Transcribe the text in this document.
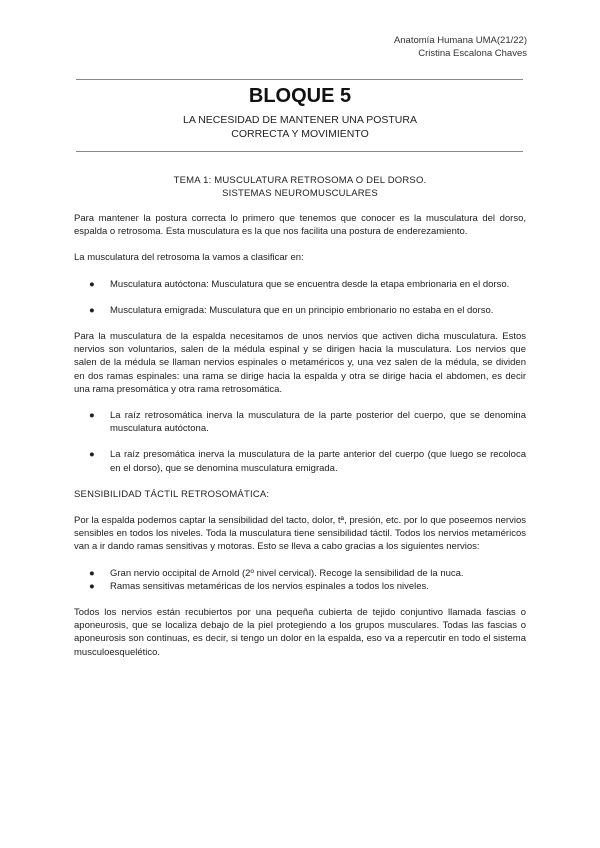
Anatomía Humana UMA(21/22)
Cristina Escalona Chaves
BLOQUE 5
LA NECESIDAD DE MANTENER UNA POSTURA
CORRECTA Y MOVIMIENTO
TEMA 1: MUSCULATURA RETROSOMA O DEL DORSO.
SISTEMAS NEUROMUSCULARES

Para mantener la postura correcta lo primero que tenemos que conocer es la musculatura del dorso, espalda o retrosoma. Esta musculatura es la que nos facilita una postura de enderezamiento.

La musculatura del retrosoma la vamos a clasificar en:

● Musculatura autóctona: Musculatura que se encuentra desde la etapa embrionaria en el dorso.
● Musculatura emigrada: Musculatura que en un principio embrionario no estaba en el dorso.

Para la musculatura de la espalda necesitamos de unos nervios que activen dicha musculatura. Estos nervios son voluntarios, salen de la médula espinal y se dirigen hacia la musculatura. Los nervios que salen de la médula se llaman nervios espinales o metaméricos y, una vez salen de la médula, se dividen en dos ramas espinales: una rama se dirige hacia la espalda y otra se dirige hacia el abdomen, es decir una rama presomática y otra rama retrosomática.

● La raíz retrosomática inerva la musculatura de la parte posterior del cuerpo, que se denomina musculatura autóctona.
● La raíz presomática inerva la musculatura de la parte anterior del cuerpo (que luego se recoloca en el dorso), que se denomina musculatura emigrada.
SENSIBILIDAD TÁCTIL RETROSOMÁTICA:

Por la espalda podemos captar la sensibilidad del tacto, dolor, tª, presión, etc. por lo que poseemos nervios sensibles en todos los niveles. Toda la musculatura tiene sensibilidad táctil. Todos los nervios metaméricos van a ir dando ramas sensitivas y motoras. Esto se lleva a cabo gracias a los siguientes nervios:

● Gran nervio occipital de Arnold (2º nivel cervical). Recoge la sensibilidad de la nuca.
● Ramas sensitivas metaméricas de los nervios espinales a todos los niveles.

Todos los nervios están recubiertos por una pequeña cubierta de tejido conjuntivo llamada fascias o aponeurosis, que se localiza debajo de la piel protegiendo a los grupos musculares. Todas las fascias o aponeurosis son continuas, es decir, si tengo un dolor en la espalda, eso va a repercutir en todo el sistema musculoesquelético.
